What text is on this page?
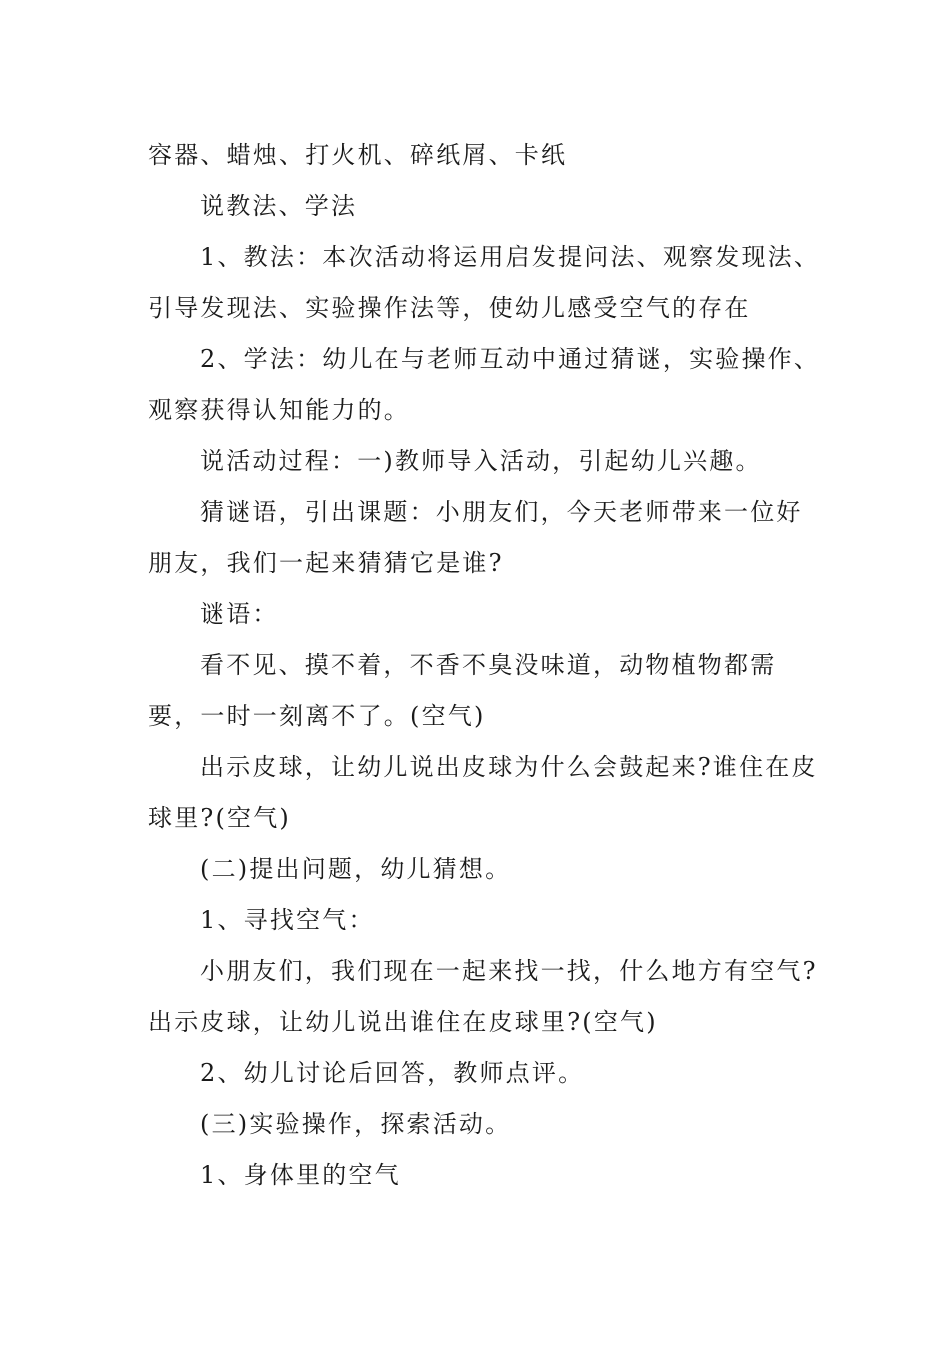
容器、蜡烛、打火机、碎纸屑、卡纸

说教法、学法

1、教法：本次活动将运用启发提问法、观察发现法、引导发现法、实验操作法等，使幼儿感受空气的存在

2、学法：幼儿在与老师互动中通过猜谜，实验操作、观察获得认知能力的。

说活动过程：一)教师导入活动，引起幼儿兴趣。

猜谜语，引出课题：小朋友们，今天老师带来一位好朋友，我们一起来猜猜它是谁?

谜语：

看不见、摸不着，不香不臭没味道，动物植物都需要，一时一刻离不了。(空气)

出示皮球，让幼儿说出皮球为什么会鼓起来?谁住在皮球里?(空气)

(二)提出问题，幼儿猜想。

1、寻找空气：

小朋友们，我们现在一起来找一找，什么地方有空气?出示皮球，让幼儿说出谁住在皮球里?(空气)

2、幼儿讨论后回答，教师点评。

(三)实验操作，探索活动。

1、身体里的空气
